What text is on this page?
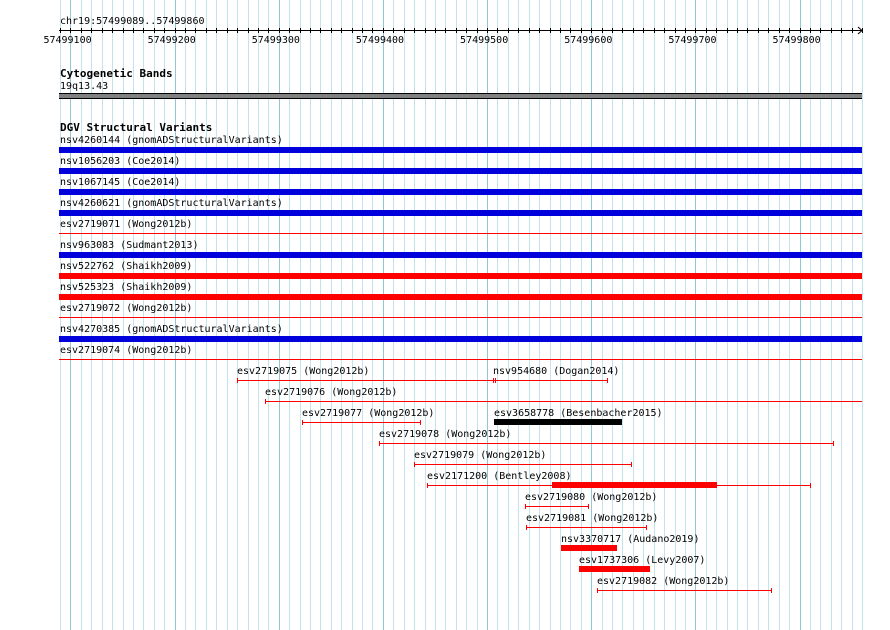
chr19:57499089..57499860
Cytogenetic Bands
19q13.43
DGV Structural Variants
nsv4260144 (gnomADStructuralVariants)
nsv1056203 (Coe2014)
nsv1067145 (Coe2014)
nsv4260621 (gnomADStructuralVariants)
esv2719071 (Wong2012b)
nsv963083 (Sudmant2013)
nsv522762 (Shaikh2009)
nsv525323 (Shaikh2009)
esv2719072 (Wong2012b)
nsv4270385 (gnomADStructuralVariants)
esv2719074 (Wong2012b)
esv2719075 (Wong2012b)	nsv954680 (Dogan2014)
esv2719076 (Wong2012b)
esv2719077 (Wong2012b)	esv3658778 (Besenbacher2015)
esv2719078 (Wong2012b)
esv2719079 (Wong2012b)
esv2171200 (Bentley2008)
esv2719080 (Wong2012b)
esv2719081 (Wong2012b)
nsv3370717 (Audano2019)
esv1737306 (Levy2007)
esv2719082 (Wong2012b)
57499100	57499200	57499300	57499400	57499500	57499600	57499700	57499800
